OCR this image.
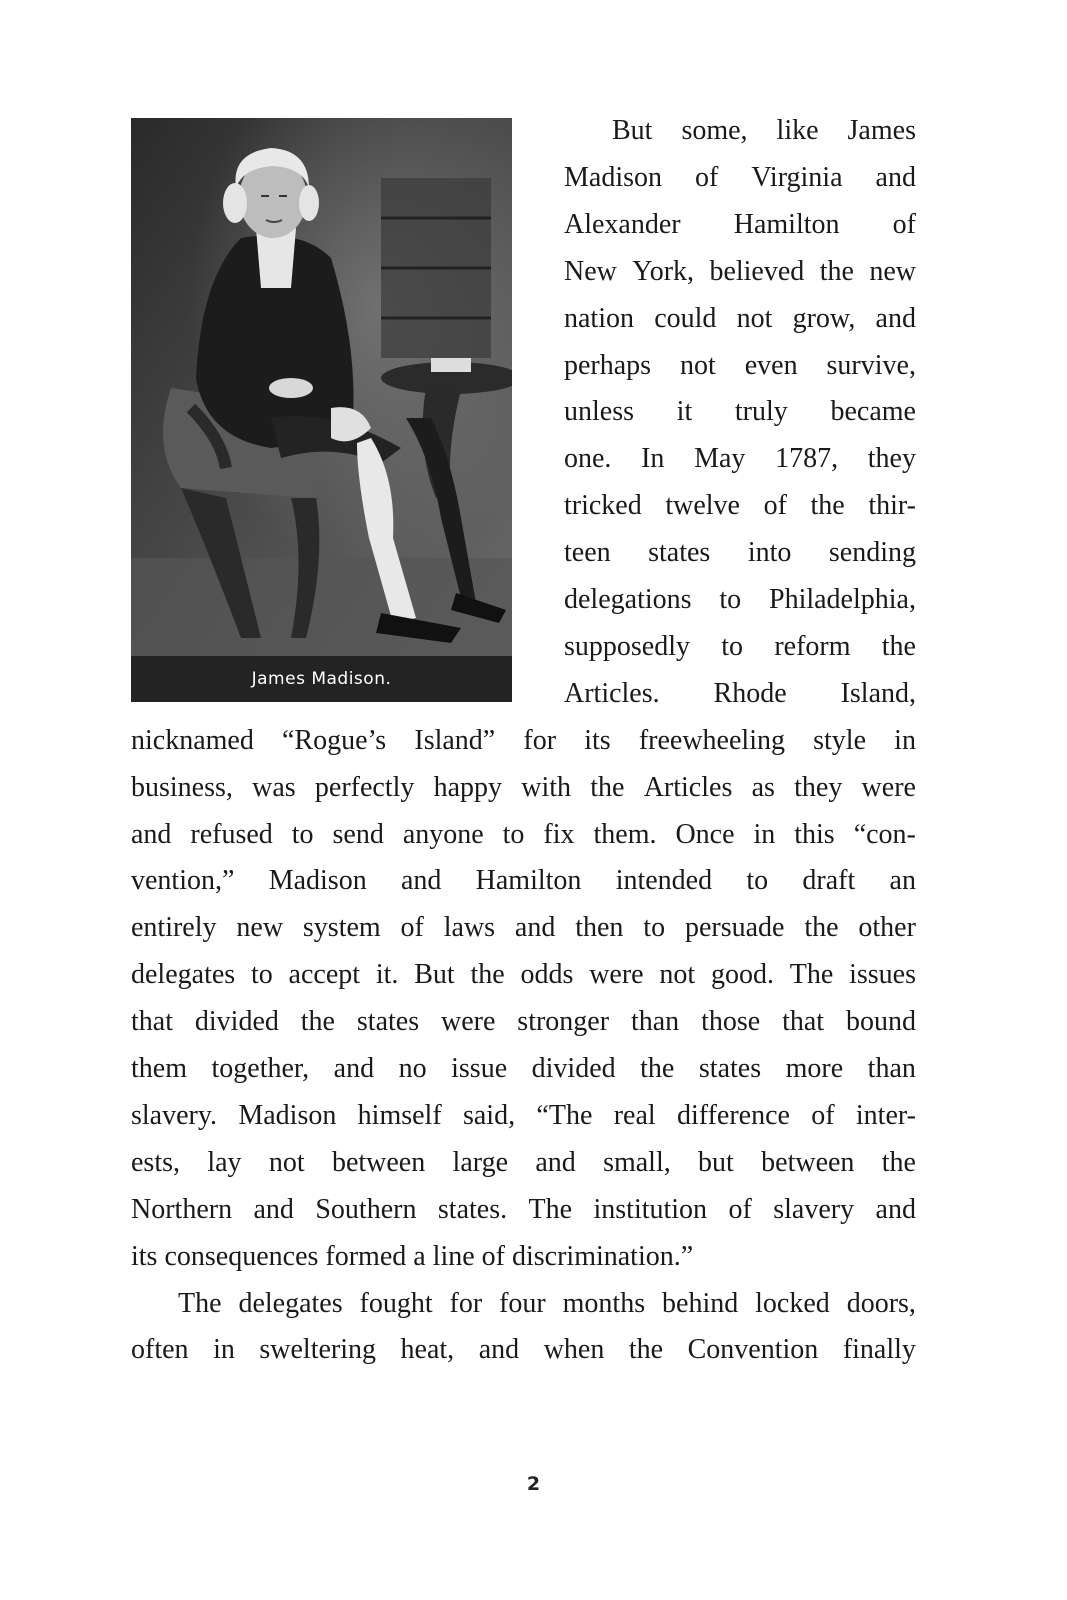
James Madison.
But some, like James
Madison of Virginia and
Alexander Hamilton of
New York, believed the new
nation could not grow, and
perhaps not even survive,
unless it truly became
one. In May 1787, they
tricked twelve of the thir-
teen states into sending
delegations to Philadelphia,
supposedly to reform the
Articles. Rhode Island,
nicknamed “Rogue’s Island” for its freewheeling style in
business, was perfectly happy with the Articles as they were
and refused to send anyone to fix them. Once in this “con-
vention,” Madison and Hamilton intended to draft an
entirely new system of laws and then to persuade the other
delegates to accept it. But the odds were not good. The issues
that divided the states were stronger than those that bound
them together, and no issue divided the states more than
slavery. Madison himself said, “The real difference of inter-
ests, lay not between large and small, but between the
Northern and Southern states. The institution of slavery and
its consequences formed a line of discrimination.”
The delegates fought for four months behind locked doors,
often in sweltering heat, and when the Convention finally
2
